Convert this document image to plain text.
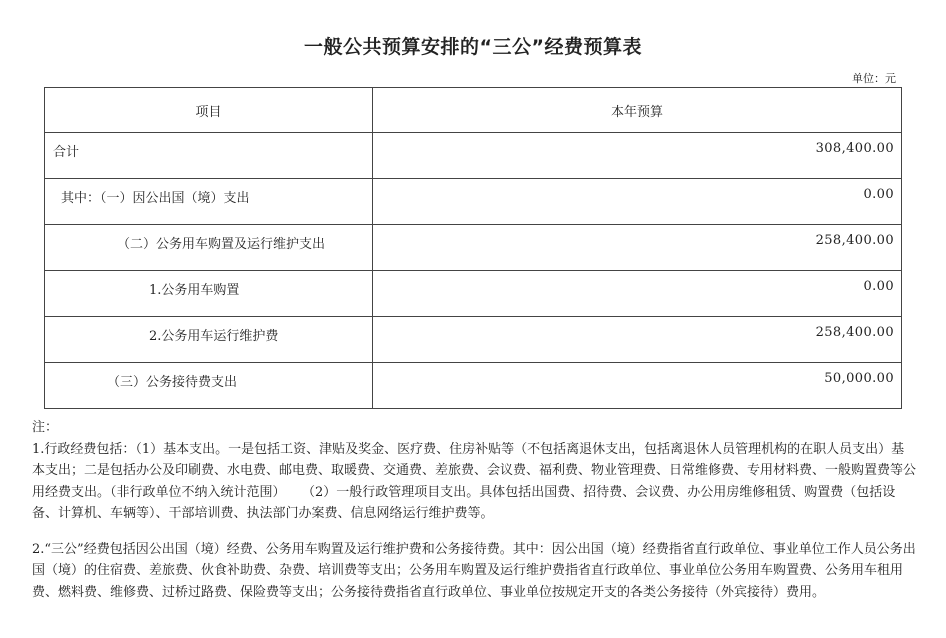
一般公共预算安排的“三公”经费预算表
单位：元
项目	本年预算

合计	308,400.00

其中：（一）因公出国（境）支出	0.00

（二）公务用车购置及运行维护支出	258,400.00

1.公务用车购置	0.00

2.公务用车运行维护费	258,400.00

（三）公务接待费支出	50,000.00

注：

1.行政经费包括：（1）基本支出。一是包括工资、津贴及奖金、医疗费、住房补贴等（不包括离退休支出，包括离退休人员管理机构的在职人员支出）基本支出；二是包括办公及印刷费、水电费、邮电费、取暖费、交通费、差旅费、会议费、福利费、物业管理费、日常维修费、专用材料费、一般购置费等公用经费支出。（非行政单位不纳入统计范围）    （2）一般行政管理项目支出。具体包括出国费、招待费、会议费、办公用房维修租赁、购置费（包括设备、计算机、车辆等）、干部培训费、执法部门办案费、信息网络运行维护费等。

2.“三公”经费包括因公出国（境）经费、公务用车购置及运行维护费和公务接待费。其中：因公出国（境）经费指省直行政单位、事业单位工作人员公务出国（境）的住宿费、差旅费、伙食补助费、杂费、培训费等支出；公务用车购置及运行维护费指省直行政单位、事业单位公务用车购置费、公务用车租用费、燃料费、维修费、过桥过路费、保险费等支出；公务接待费指省直行政单位、事业单位按规定开支的各类公务接待（外宾接待）费用。
